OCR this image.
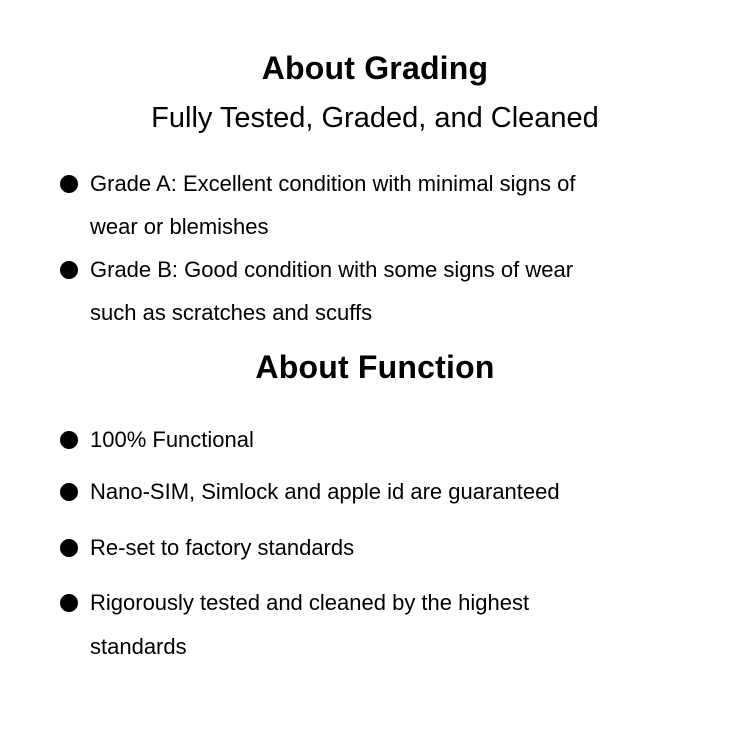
About Grading
Fully Tested, Graded, and Cleaned
Grade A: Excellent condition with minimal signs of
wear or blemishes
Grade B: Good condition with some signs of wear
such as scratches and scuffs
About Function
100% Functional
Nano-SIM, Simlock and apple id are guaranteed
Re-set to factory standards
Rigorously tested and cleaned by the highest
standards
